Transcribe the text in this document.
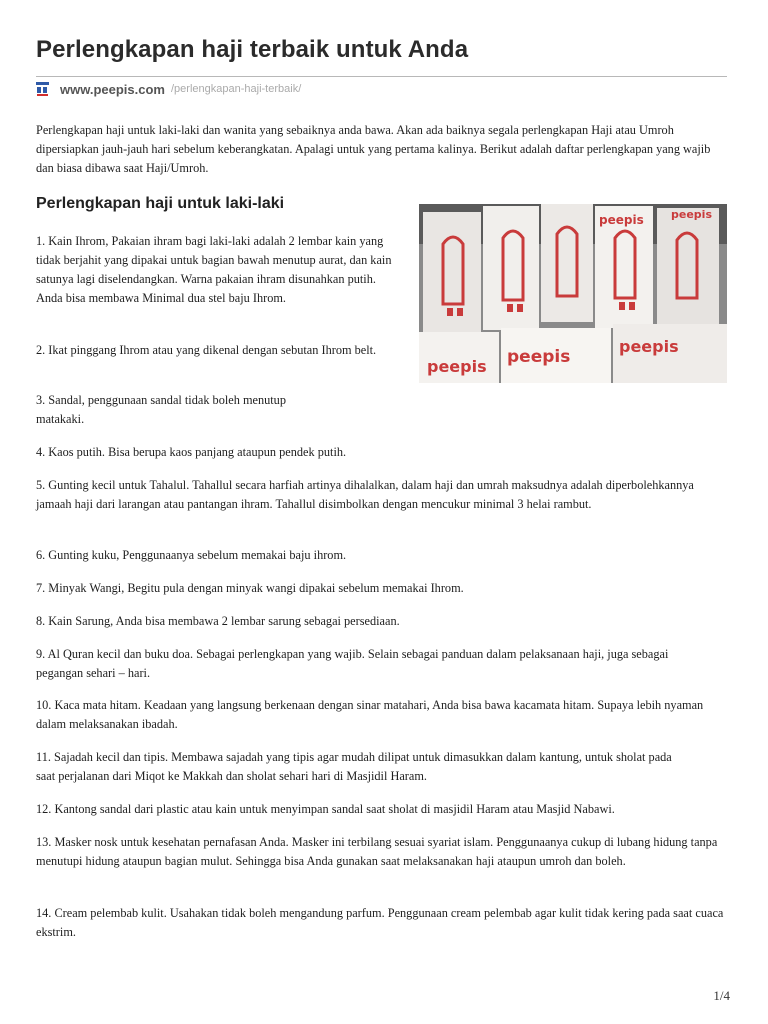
Perlengkapan haji terbaik untuk Anda
www.peepis.com /perlengkapan-haji-terbaik/

Perlengkapan haji untuk laki-laki dan wanita yang sebaiknya anda bawa. Akan ada baiknya segala perlengkapan Haji atau Umroh dipersiapkan jauh-jauh hari sebelum keberangkatan. Apalagi untuk yang pertama kalinya. Berikut adalah daftar perlengkapan yang wajib dan biasa dibawa saat Haji/Umroh.

Perlengkapan haji untuk laki-laki
peepis peepis
peepis
peepis peepis

1. Kain Ihrom, Pakaian ihram bagi laki-laki adalah 2 lembar kain yang tidak berjahit yang dipakai untuk bagian bawah menutup aurat, dan kain satunya lagi diselendangkan. Warna pakaian ihram disunahkan putih. Anda bisa membawa Minimal dua stel baju Ihrom.

2. Ikat pinggang Ihrom atau yang dikenal dengan sebutan Ihrom belt.

3. Sandal, penggunaan sandal tidak boleh menutup matakaki.

4. Kaos putih. Bisa berupa kaos panjang ataupun pendek putih.

5. Gunting kecil untuk Tahalul. Tahallul secara harfiah artinya dihalalkan, dalam haji dan umrah maksudnya adalah diperbolehkannya jamaah haji dari larangan atau pantangan ihram. Tahallul disimbolkan dengan mencukur minimal 3 helai rambut.

6. Gunting kuku, Penggunaanya sebelum memakai baju ihrom.

7. Minyak Wangi, Begitu pula dengan minyak wangi dipakai sebelum memakai Ihrom.

8. Kain Sarung, Anda bisa membawa 2 lembar sarung sebagai persediaan.

9. Al Quran kecil dan buku doa. Sebagai perlengkapan yang wajib. Selain sebagai panduan dalam pelaksanaan haji, juga sebagai pegangan sehari – hari.

10. Kaca mata hitam. Keadaan yang langsung berkenaan dengan sinar matahari, Anda bisa bawa kacamata hitam. Supaya lebih nyaman dalam melaksanakan ibadah.

11. Sajadah kecil dan tipis. Membawa sajadah yang tipis agar mudah dilipat untuk dimasukkan dalam kantung, untuk sholat pada saat perjalanan dari Miqot ke Makkah dan sholat sehari hari di Masjidil Haram.

12. Kantong sandal dari plastic atau kain untuk menyimpan sandal saat sholat di masjidil Haram atau Masjid Nabawi.

13. Masker nosk untuk kesehatan pernafasan Anda. Masker ini terbilang sesuai syariat islam. Penggunaanya cukup di lubang hidung tanpa menutupi hidung ataupun bagian mulut. Sehingga bisa Anda gunakan saat melaksanakan haji ataupun umroh dan boleh.

14. Cream pelembab kulit. Usahakan tidak boleh mengandung parfum. Penggunaan cream pelembab agar kulit tidak kering pada saat cuaca ekstrim.

1/4
